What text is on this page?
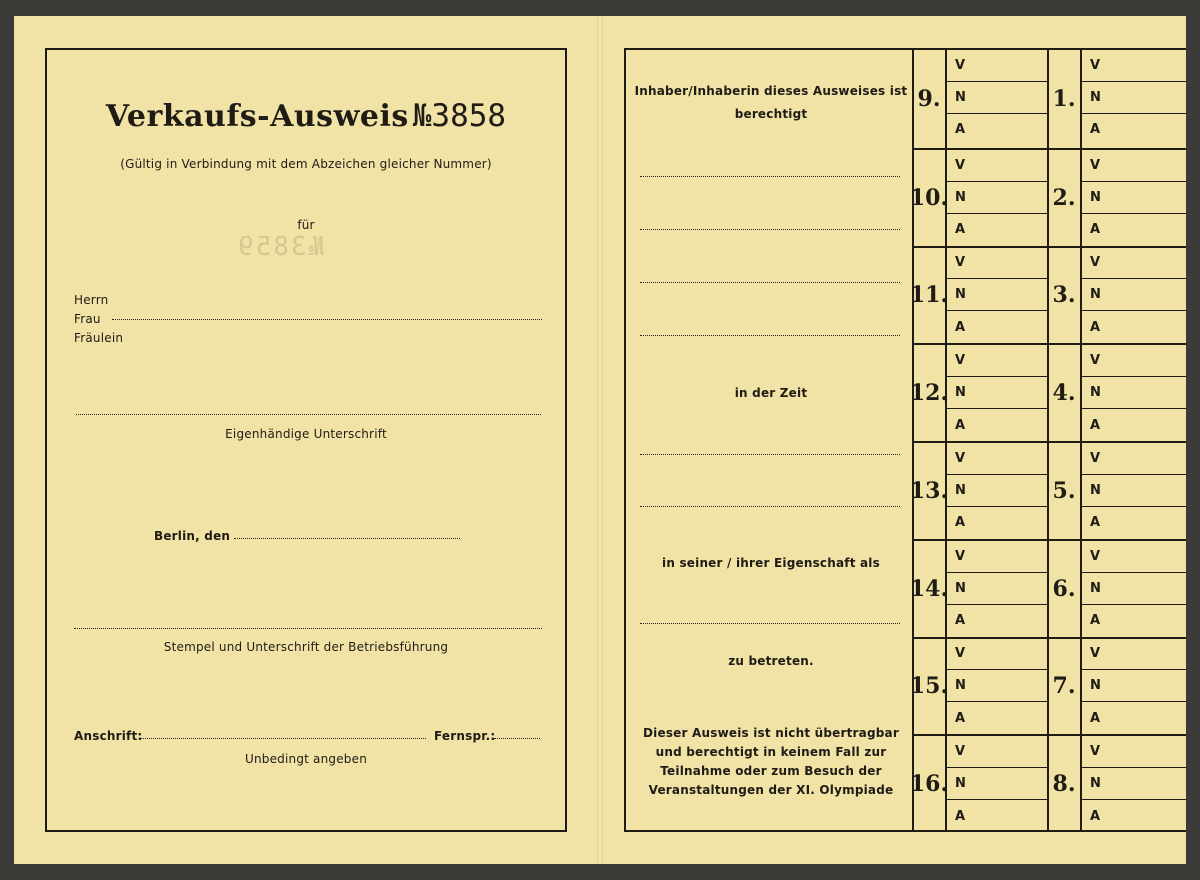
Verkaufs-Ausweis №3858
(Gültig in Verbindung mit dem Abzeichen gleicher Nummer)
für
№3859
Herrn
Frau
Fräulein
Eigenhändige Unterschrift
Berlin, den
Stempel und Unterschrift der Betriebsführung
Anschrift:	Fernspr.:
Unbedingt angeben
Inhaber/Inhaberin dieses Ausweises ist berechtigt
in der Zeit
in seiner / ihrer Eigenschaft als
zu betreten.
Dieser Ausweis ist nicht übertragbar und berechtigt in keinem Fall zur Teilnahme oder zum Besuch der Veranstaltungen der XI. Olympiade
9.
V
N
A
10.
V
N
A
11.
V
N
A
12.
V
N
A
13.
V
N
A
14.
V
N
A
15.
V
N
A
16.
V
N
A
1.
V
N
A
2.
V
N
A
3.
V
N
A
4.
V
N
A
5.
V
N
A
6.
V
N
A
7.
V
N
A
8.
V
N
A
